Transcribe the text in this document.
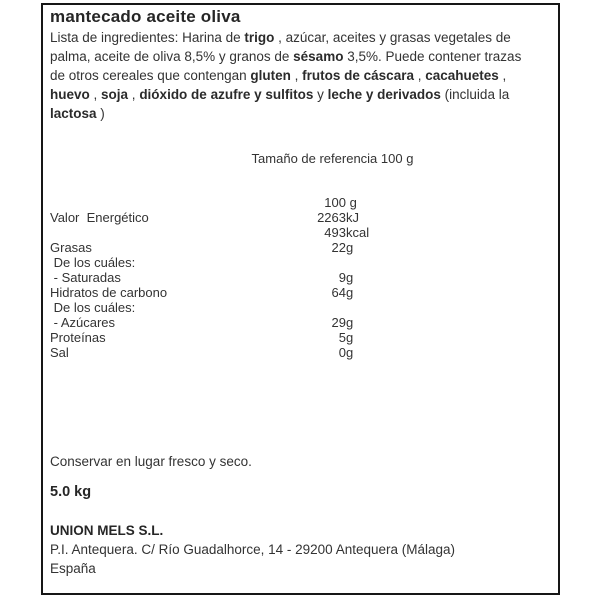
mantecado aceite oliva
Lista de ingredientes: Harina de trigo , azúcar, aceites y grasas vegetales de palma, aceite de oliva 8,5% y granos de sésamo 3,5%. Puede contener trazas de otros cereales que contengan gluten , frutos de cáscara , cacahuetes , huevo , soja , dióxido de azufre y sulfitos y leche y derivados (incluida la lactosa )
Tamaño de referencia 100 g
100 g
Valor  Energético	2263 kJ
493 kcal
Grasas	22 g
De los cuáles:
- Saturadas	9 g
Hidratos de carbono	64 g
De los cuáles:
- Azúcares	29 g
Proteínas	5 g
Sal	0 g
Conservar en lugar fresco y seco.
5.0 kg
UNION MELS S.L.
P.I. Antequera. C/ Río Guadalhorce, 14 - 29200 Antequera (Málaga)
España
